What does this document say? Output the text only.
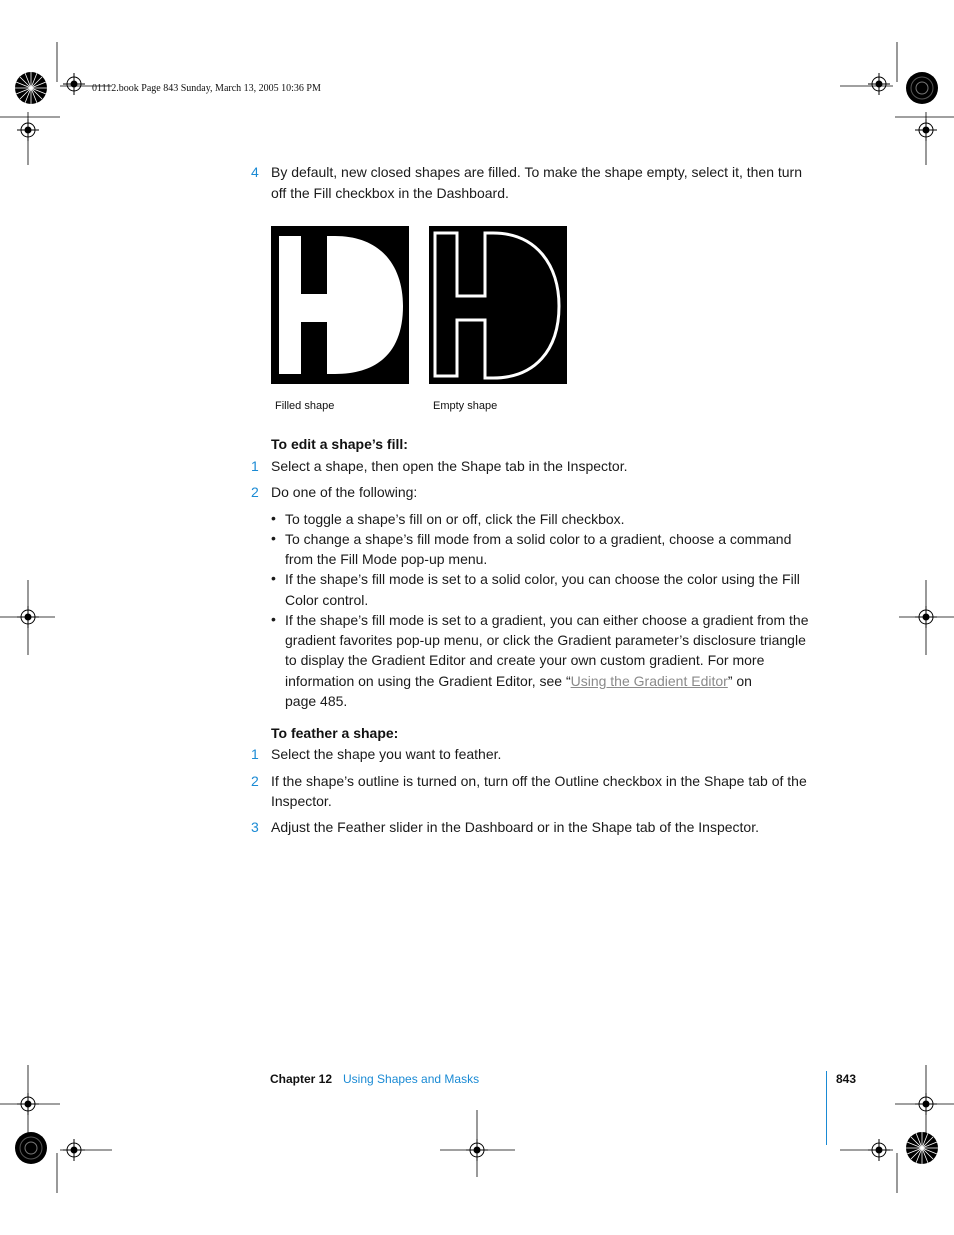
01112.book Page 843 Sunday, March 13, 2005 10:36 PM
4 By default, new closed shapes are filled. To make the shape empty, select it, then turn
off the Fill checkbox in the Dashboard.
Filled shape	Empty shape
To edit a shape’s fill:
1 Select a shape, then open the Shape tab in the Inspector.
2 Do one of the following:
• To toggle a shape’s fill on or off, click the Fill checkbox.
• To change a shape’s fill mode from a solid color to a gradient, choose a command
from the Fill Mode pop-up menu.
• If the shape’s fill mode is set to a solid color, you can choose the color using the Fill
Color control.
• If the shape’s fill mode is set to a gradient, you can either choose a gradient from the
gradient favorites pop-up menu, or click the Gradient parameter’s disclosure triangle
to display the Gradient Editor and create your own custom gradient. For more
information on using the Gradient Editor, see “Using the Gradient Editor” on
page 485.
To feather a shape:
1 Select the shape you want to feather.
2 If the shape’s outline is turned on, turn off the Outline checkbox in the Shape tab of the
Inspector.
3 Adjust the Feather slider in the Dashboard or in the Shape tab of the Inspector.
Chapter 12 Using Shapes and Masks	843
